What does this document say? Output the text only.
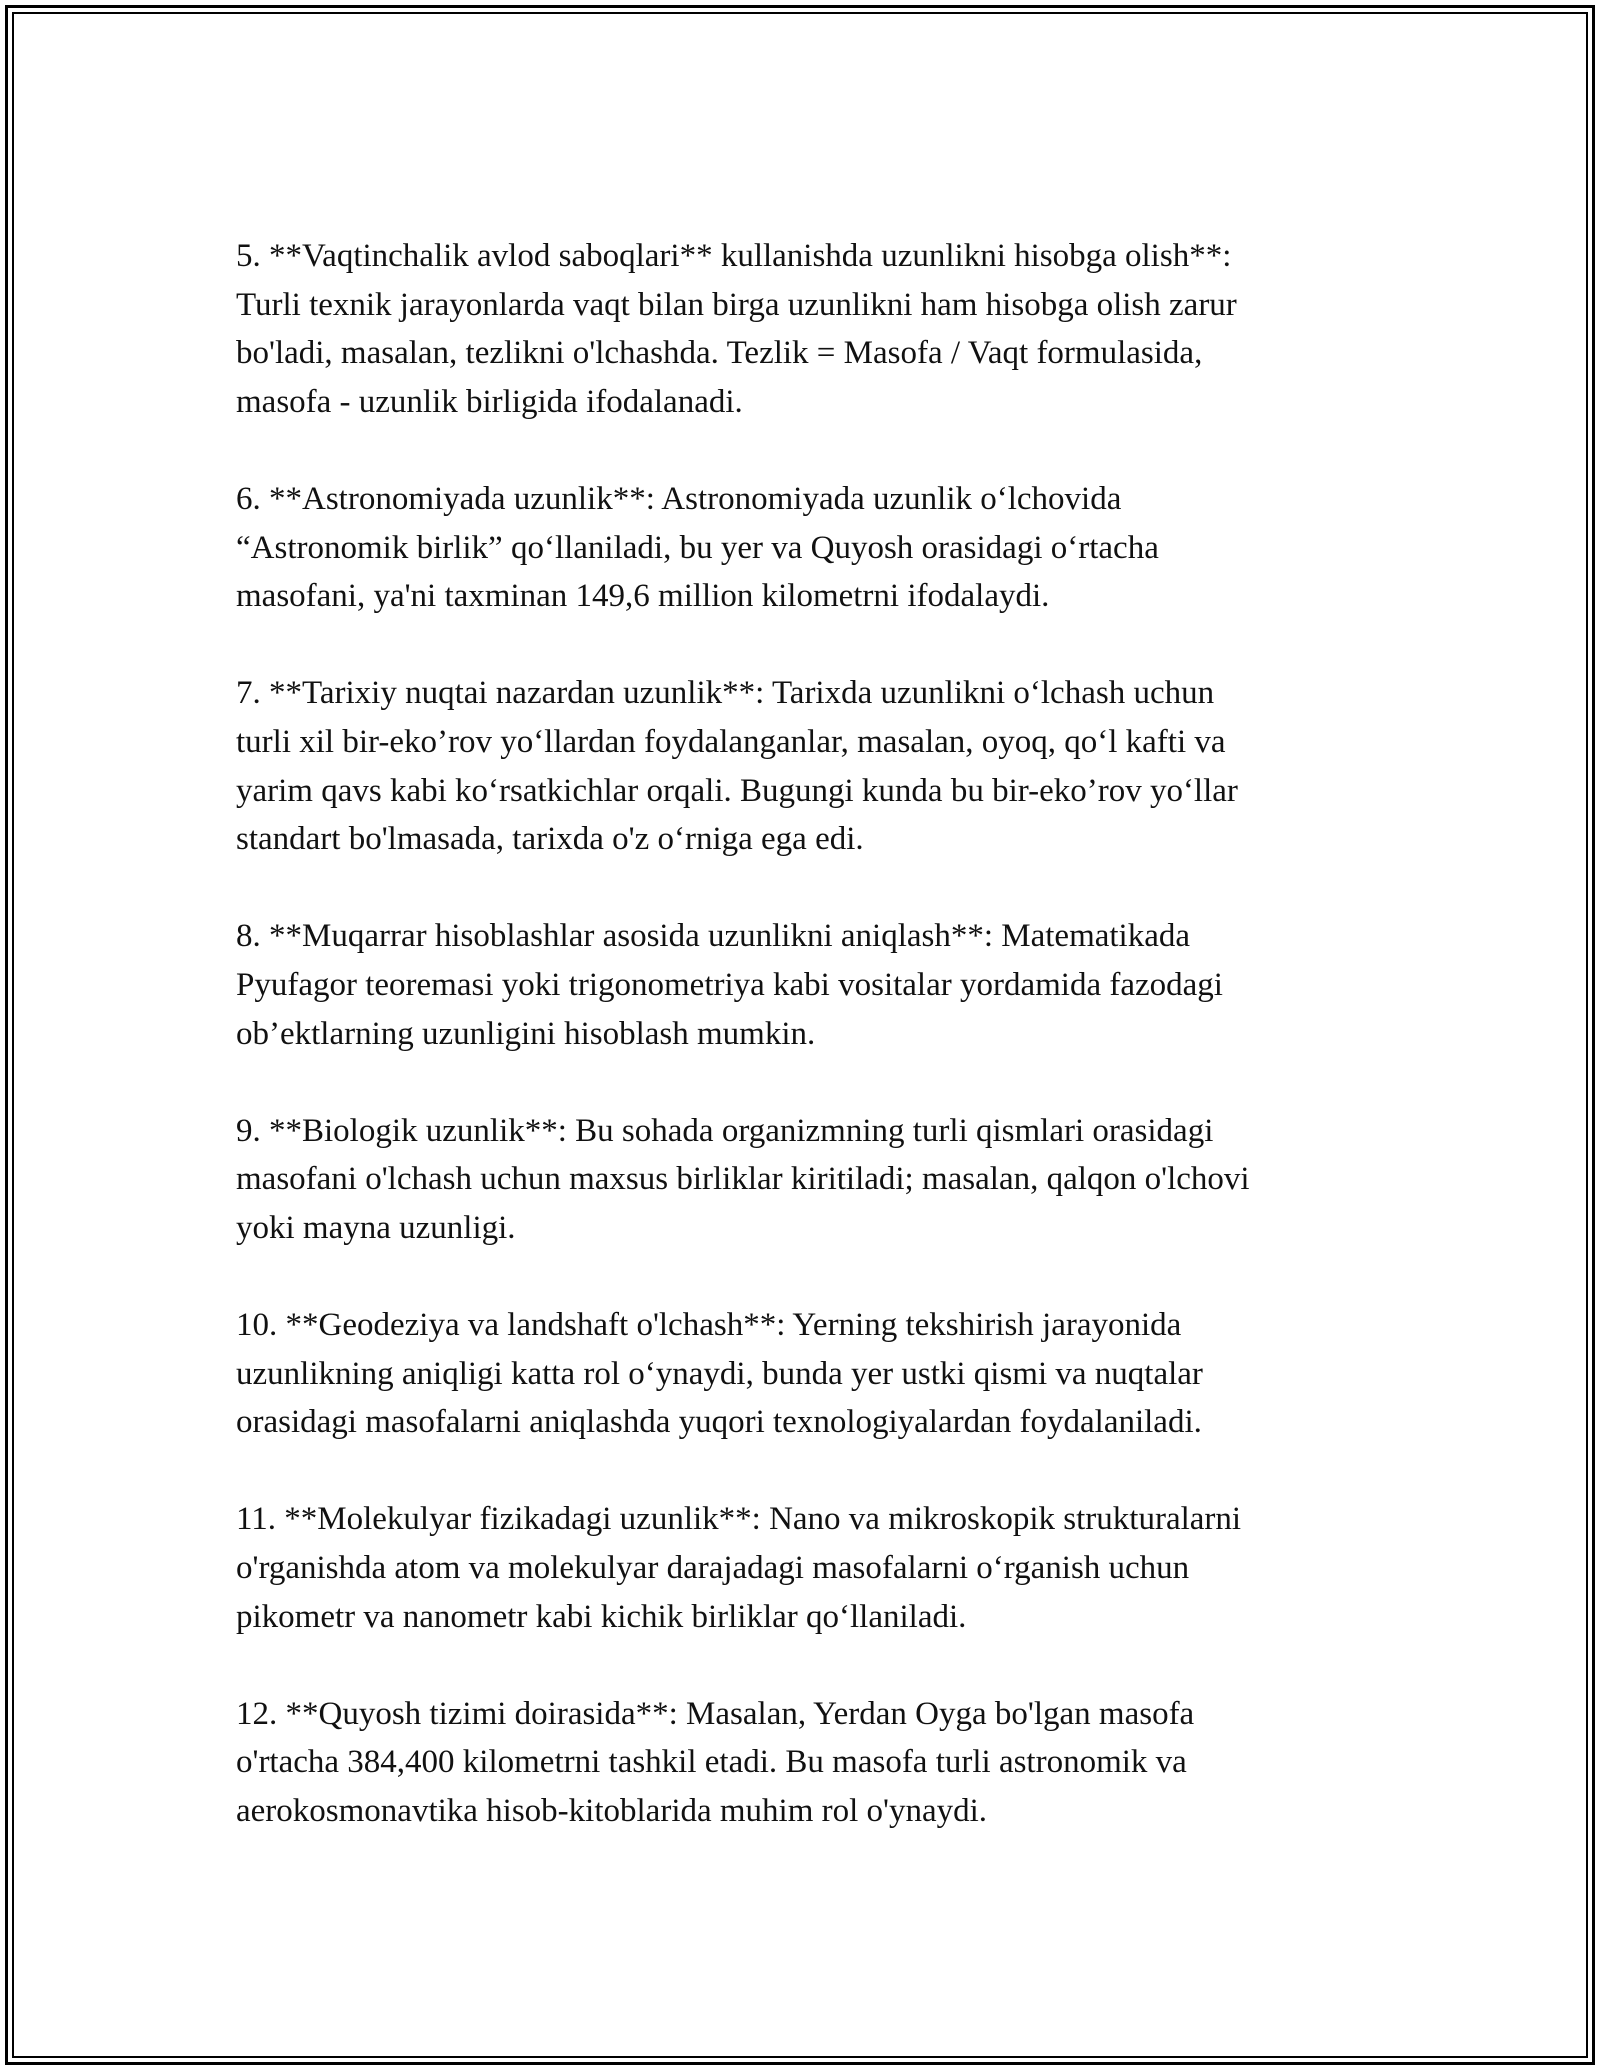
5. **Vaqtinchalik avlod saboqlari** kullanishda uzunlikni hisobga olish**:
Turli texnik jarayonlarda vaqt bilan birga uzunlikni ham hisobga olish zarur
bo'ladi, masalan, tezlikni o'lchashda. Tezlik = Masofa / Vaqt formulasida,
masofa - uzunlik birligida ifodalanadi.

6. **Astronomiyada uzunlik**: Astronomiyada uzunlik o‘lchovida
“Astronomik birlik” qo‘llaniladi, bu yer va Quyosh orasidagi o‘rtacha
masofani, ya'ni taxminan 149,6 million kilometrni ifodalaydi.

7. **Tarixiy nuqtai nazardan uzunlik**: Tarixda uzunlikni o‘lchash uchun
turli xil bir-eko’rov yo‘llardan foydalanganlar, masalan, oyoq, qo‘l kafti va
yarim qavs kabi ko‘rsatkichlar orqali. Bugungi kunda bu bir-eko’rov yo‘llar
standart bo'lmasada, tarixda o'z o‘rniga ega edi.

8. **Muqarrar hisoblashlar asosida uzunlikni aniqlash**: Matematikada
Pyufagor teoremasi yoki trigonometriya kabi vositalar yordamida fazodagi
ob’ektlarning uzunligini hisoblash mumkin.

9. **Biologik uzunlik**: Bu sohada organizmning turli qismlari orasidagi
masofani o'lchash uchun maxsus birliklar kiritiladi; masalan, qalqon o'lchovi
yoki mayna uzunligi.

10. **Geodeziya va landshaft o'lchash**: Yerning tekshirish jarayonida
uzunlikning aniqligi katta rol o‘ynaydi, bunda yer ustki qismi va nuqtalar
orasidagi masofalarni aniqlashda yuqori texnologiyalardan foydalaniladi.

11. **Molekulyar fizikadagi uzunlik**: Nano va mikroskopik strukturalarni
o'rganishda atom va molekulyar darajadagi masofalarni o‘rganish uchun
pikometr va nanometr kabi kichik birliklar qo‘llaniladi.

12. **Quyosh tizimi doirasida**: Masalan, Yerdan Oyga bo'lgan masofa
o'rtacha 384,400 kilometrni tashkil etadi. Bu masofa turli astronomik va
aerokosmonavtika hisob-kitoblarida muhim rol o'ynaydi.
